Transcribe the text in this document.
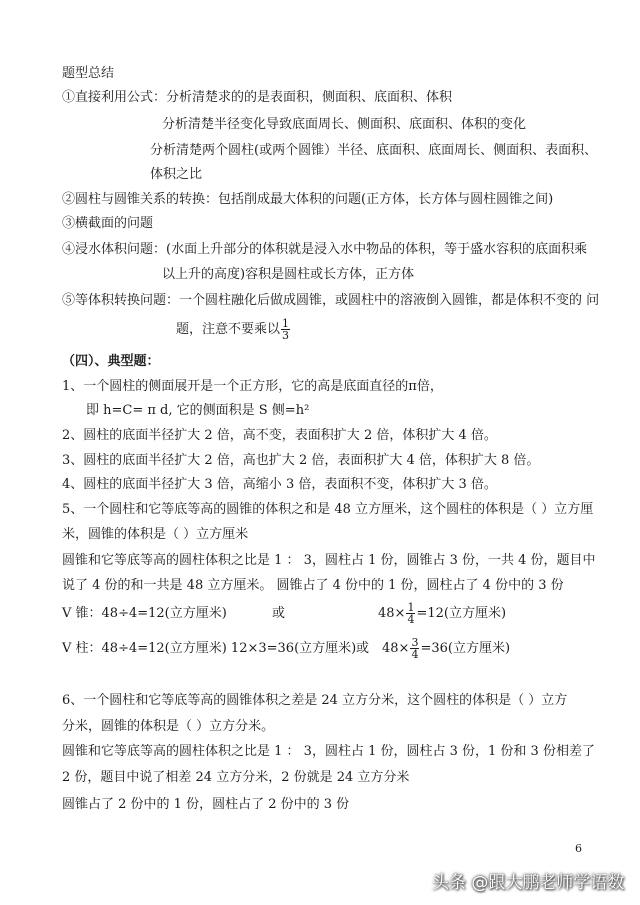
题型总结
①直接利用公式：分析清楚求的的是表面积，侧面积、底面积、体积
分析清楚半径变化导致底面周长、侧面积、底面积、体积的变化
分析清楚两个圆柱(或两个圆锥）半径、底面积、底面周长、侧面积、表面积、
体积之比
②圆柱与圆锥关系的转换：包括削成最大体积的问题(正方体，长方体与圆柱圆锥之间)
③横截面的问题
④浸水体积问题：(水面上升部分的体积就是浸入水中物品的体积，等于盛水容积的底面积乘
以上升的高度)容积是圆柱或长方体，正方体
⑤等体积转换问题：一个圆柱融化后做成圆锥，或圆柱中的溶液倒入圆锥，都是体积不变的 问
题，注意不要乘以 $\frac{1}{3}$
（四）、典型题：
1、一个圆柱的侧面展开是一个正方形，它的高是底面直径的π倍，
即 h=C= π d, 它的侧面积是 S 侧=h²
2、圆柱的底面半径扩大 2 倍，高不变，表面积扩大 2 倍，体积扩大 4 倍。
3、圆柱的底面半径扩大 2 倍，高也扩大 2 倍，表面积扩大 4 倍，体积扩大 8 倍。
4、圆柱的底面半径扩大 3 倍，高缩小 3 倍，表面积不变，体积扩大 3 倍。
5、一个圆柱和它等底等高的圆锥的体积之和是 48 立方厘米，这个圆柱的体积是（ ）立方厘
米，圆锥的体积是（ ）立方厘米
圆锥和它等底等高的圆柱体积之比是 1 ： 3，圆柱占 1 份，圆锥占 3 份，一共 4 份，题目中
说了 4 份的和一共是 48 立方厘米。 圆锥占了 4 份中的 1 份，圆柱占了 4 份中的 3 份
V 锥：48÷4=12(立方厘米)	或	$48\times \frac{1}{4} =12$(立方厘米)
V 柱：48÷4=12(立方厘米) 12×3=36(立方厘米) 或 $48\times \frac{3}{4} =36$(立方厘米)
6、一个圆柱和它等底等高的圆锥体积之差是 24 立方分米，这个圆柱的体积是（ ）立方
分米，圆锥的体积是（ ）立方分米。
圆锥和它等底等高的圆柱体积之比是 1 ： 3，圆柱占 1 份，圆柱占 3 份，1 份和 3 份相差了
2 份，题目中说了相差 24 立方分米，2 份就是 24 立方分米
圆锥占了 2 份中的 1 份，圆柱占了 2 份中的 3 份
6
头条 @跟大鹏老师学语数
